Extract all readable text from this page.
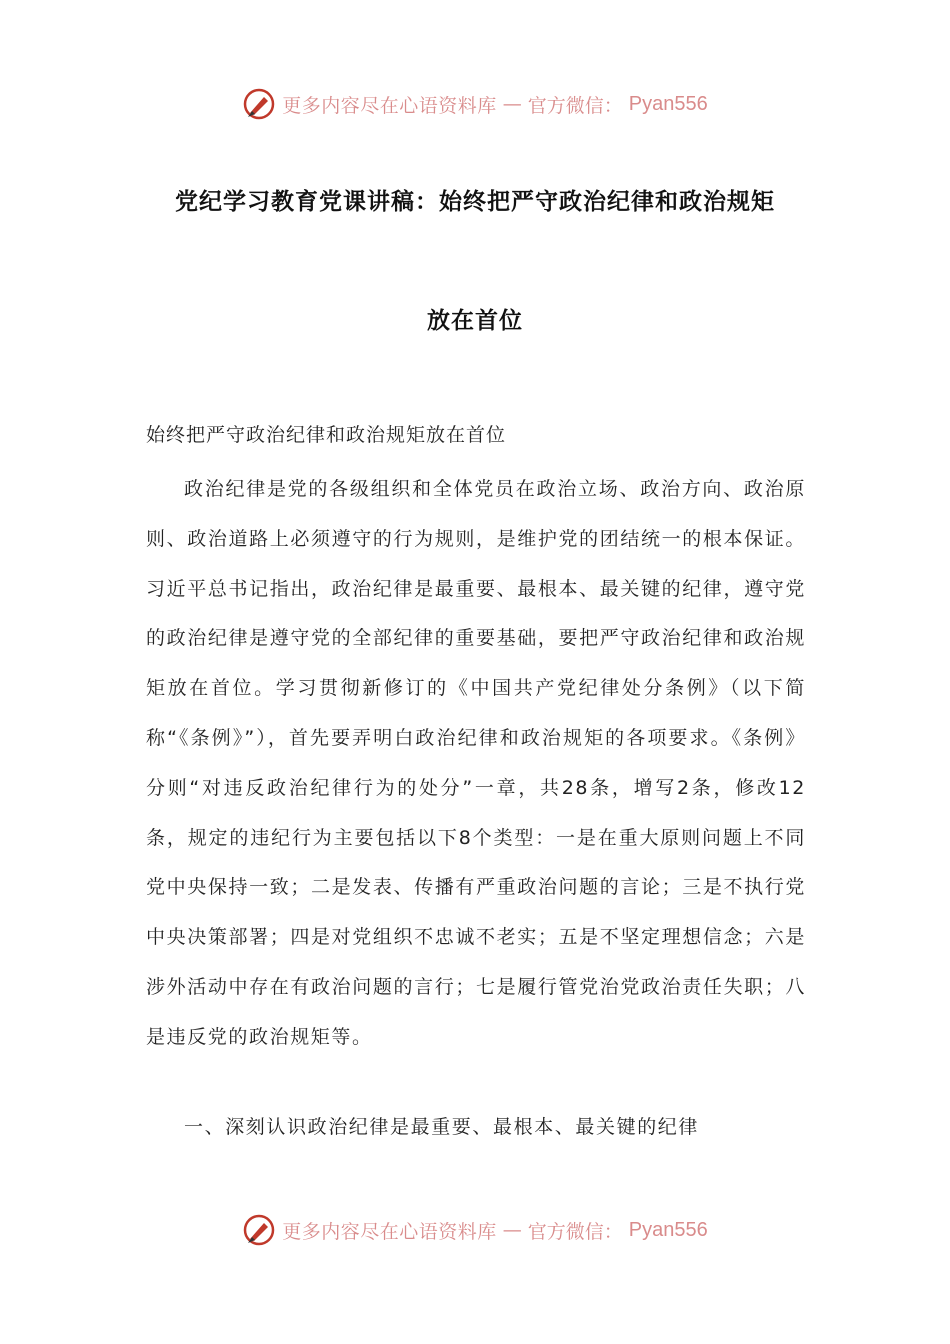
更多内容尽在心语资料库 — 官方微信： Pyan556
党纪学习教育党课讲稿：始终把严守政治纪律和政治规矩
放在首位

始终把严守政治纪律和政治规矩放在首位

政治纪律是党的各级组织和全体党员在政治立场、政治方向、政治原则、政治道路上必须遵守的行为规则，是维护党的团结统一的根本保证。习近平总书记指出，政治纪律是最重要、最根本、最关键的纪律，遵守党的政治纪律是遵守党的全部纪律的重要基础，要把严守政治纪律和政治规矩放在首位。学习贯彻新修订的《中国共产党纪律处分条例》（以下简称“《条例》”），首先要弄明白政治纪律和政治规矩的各项要求。《条例》分则“对违反政治纪律行为的处分”一章，共28条，增写2条，修改12条，规定的违纪行为主要包括以下8个类型：一是在重大原则问题上不同党中央保持一致；二是发表、传播有严重政治问题的言论；三是不执行党中央决策部署；四是对党组织不忠诚不老实；五是不坚定理想信念；六是涉外活动中存在有政治问题的言行；七是履行管党治党政治责任失职；八是违反党的政治规矩等。

一、深刻认识政治纪律是最重要、最根本、最关键的纪律

更多内容尽在心语资料库 — 官方微信： Pyan556
